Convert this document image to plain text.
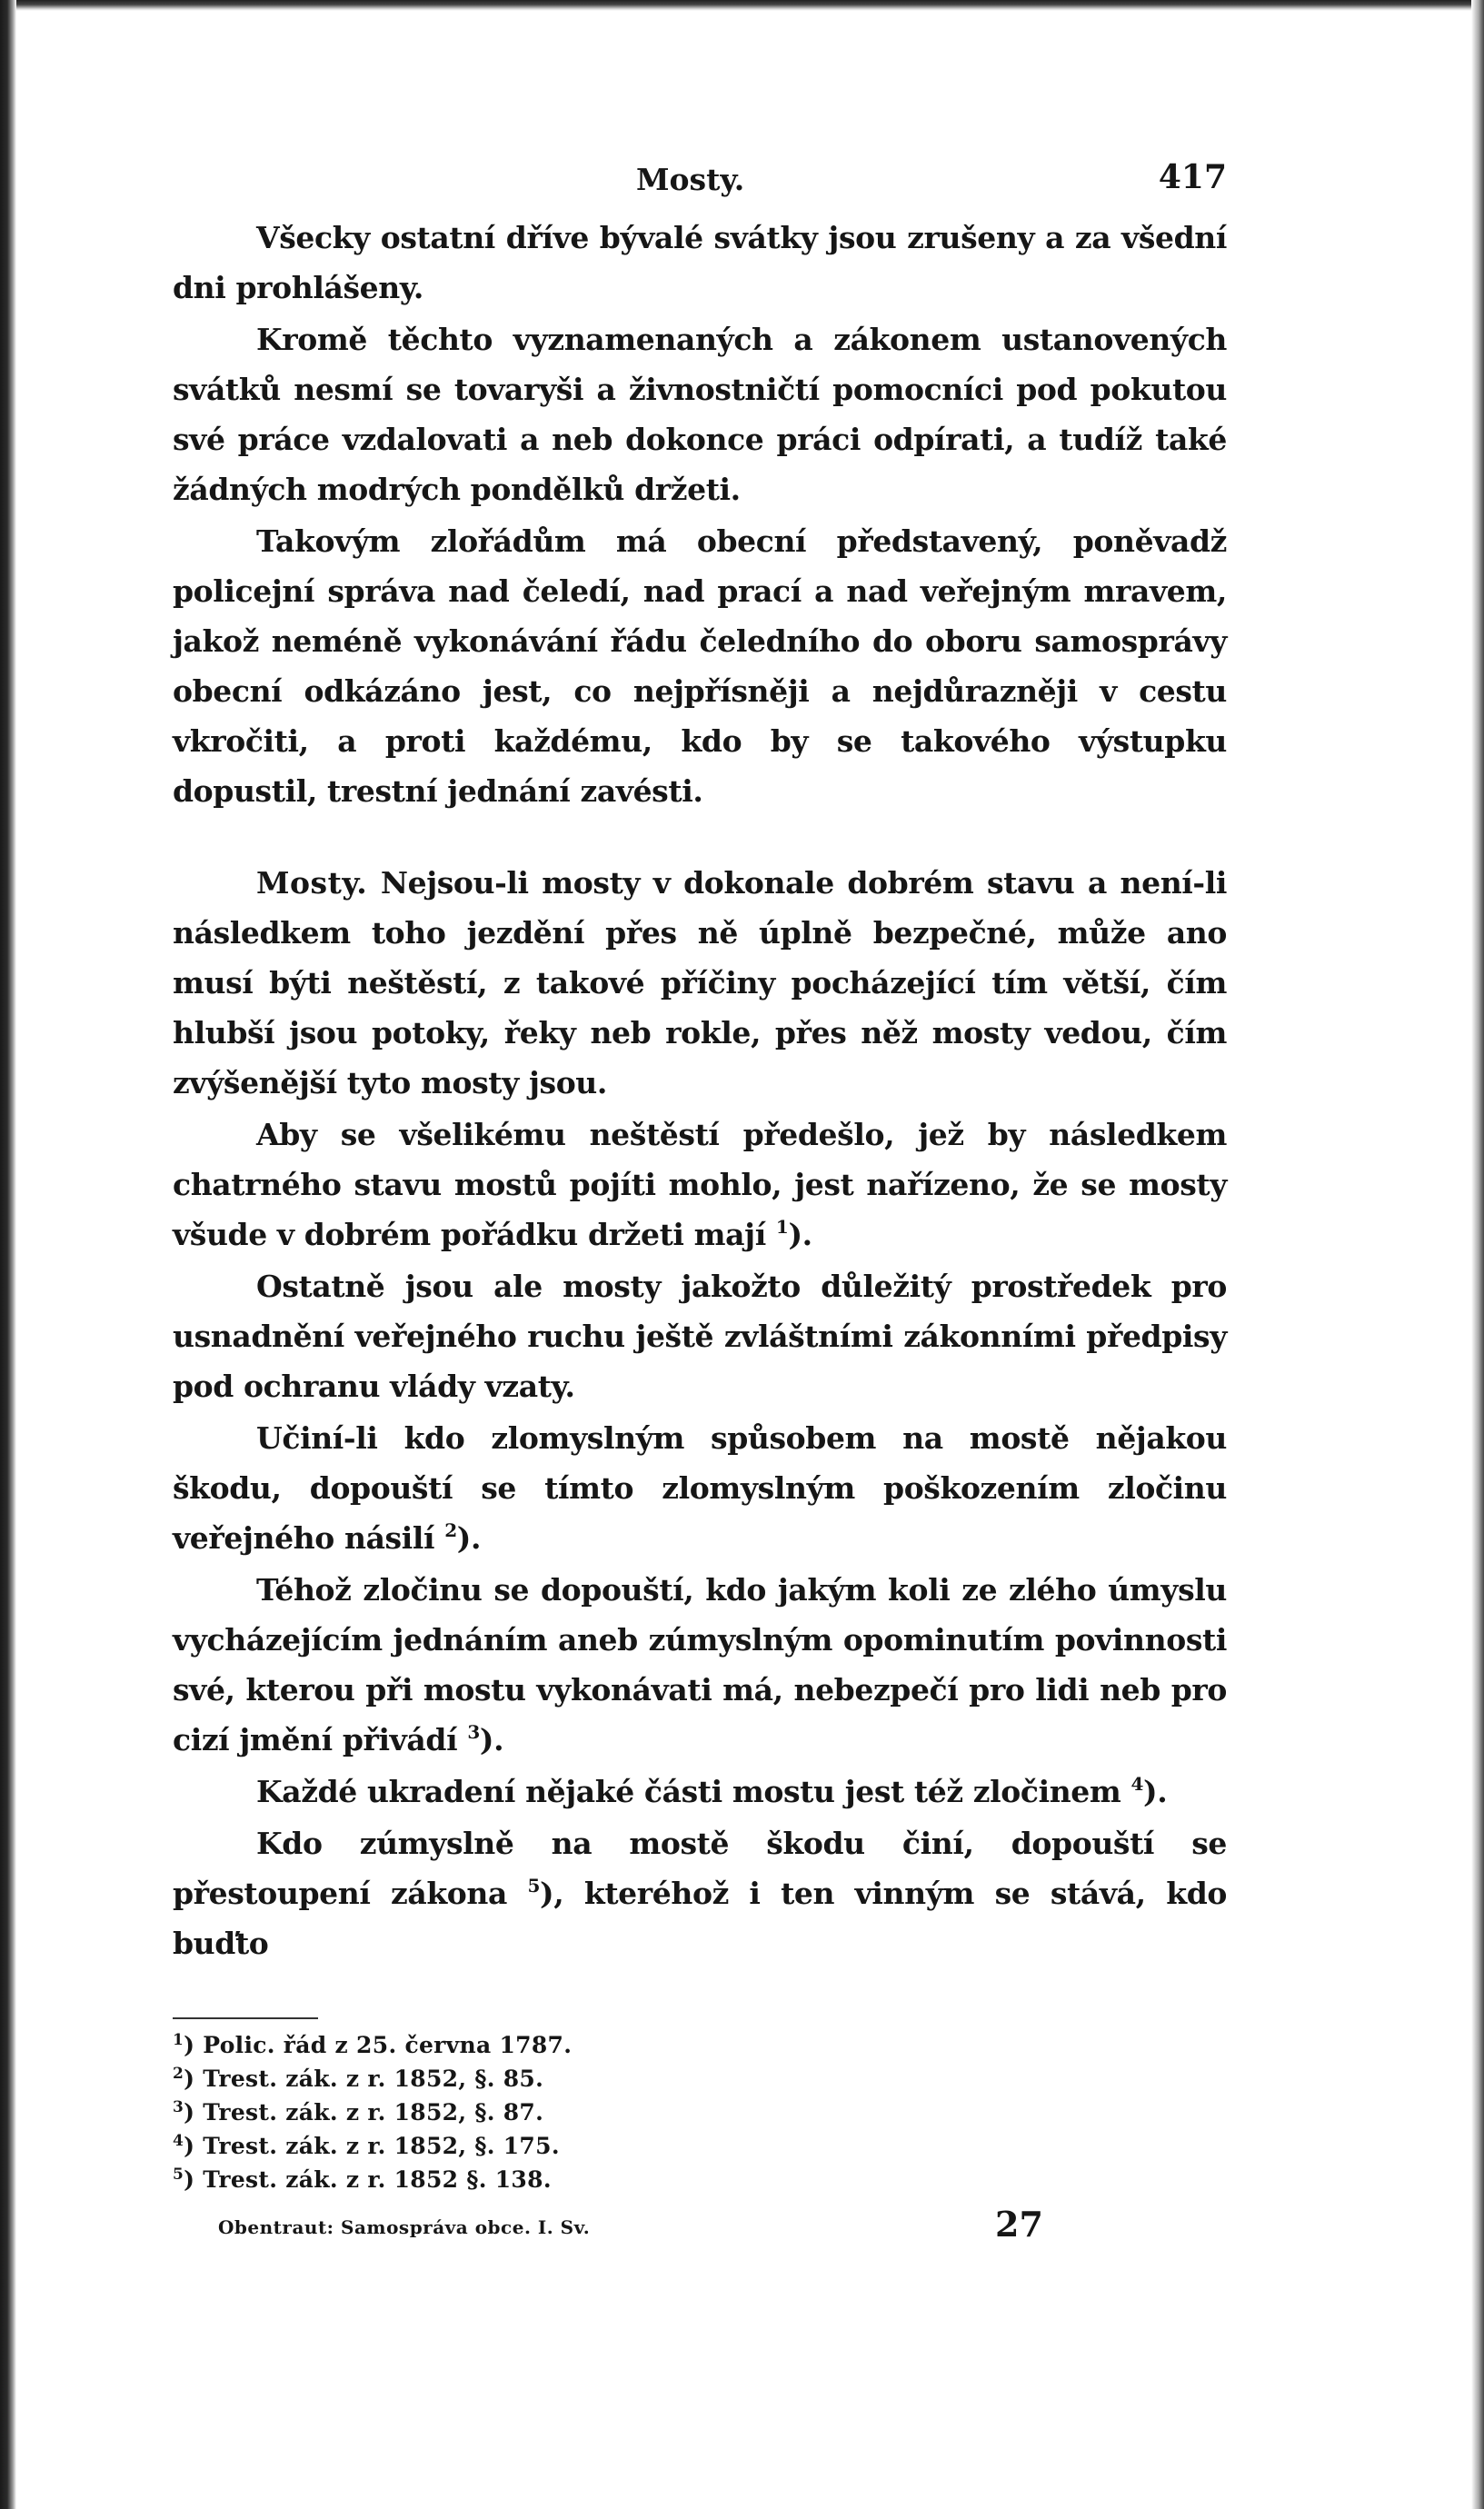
Mosty.	417

Všecky ostatní dříve bývalé svátky jsou zrušeny a za všední dni prohlášeny.

Kromě těchto vyznamenaných a zákonem ustanovených svátků nesmí se tovaryši a živnostničtí pomocníci pod pokutou své práce vzdalovati a neb dokonce práci odpírati, a tudíž také žádných modrých pondělků držeti.

Takovým zlořádům má obecní představený, poněvadž policejní správa nad čeledí, nad prací a nad veřejným mravem, jakož neméně vykonávání řádu čeledního do oboru samosprávy obecní odkázáno jest, co nejpřísněji a nejdůrazněji v cestu vkročiti, a proti každému, kdo by se takového výstupku dopustil, trestní jednání zavésti.

Mosty. Nejsou-li mosty v dokonale dobrém stavu a není-li následkem toho jezdění přes ně úplně bezpečné, může ano musí býti neštěstí, z takové příčiny pocházející tím větší, čím hlubší jsou potoky, řeky neb rokle, přes něž mosty vedou, čím zvýšenější tyto mosty jsou.

Aby se všelikému neštěstí předešlo, jež by následkem chatrného stavu mostů pojíti mohlo, jest nařízeno, že se mosty všude v dobrém pořádku držeti mají $^1$).

Ostatně jsou ale mosty jakožto důležitý prostředek pro usnadnění veřejného ruchu ještě zvláštními zákonními předpisy pod ochranu vlády vzaty.

Učiní-li kdo zlomyslným spůsobem na mostě nějakou škodu, dopouští se tímto zlomyslným poškozením zločinu veřejného násilí $^2$).

Téhož zločinu se dopouští, kdo jakým koli ze zlého úmyslu vycházejícím jednáním aneb zúmyslným opominutím povinnosti své, kterou při mostu vykonávati má, nebezpečí pro lidi neb pro cizí jmění přivádí $^3$).

Každé ukradení nějaké části mostu jest též zločinem $^4$).

Kdo zúmyslně na mostě škodu činí, dopouští se přestoupení zákona $^5$), kteréhož i ten vinným se stává, kdo buďto

$^1$) Polic. řád z 25. června 1787.
$^2$) Trest. zák. z r. 1852, §. 85.
$^3$) Trest. zák. z r. 1852, §. 87.
$^4$) Trest. zák. z r. 1852, §. 175.
$^5$) Trest. zák. z r. 1852 §. 138.
Obentraut: Samospráva obce. I. Sv.	27
